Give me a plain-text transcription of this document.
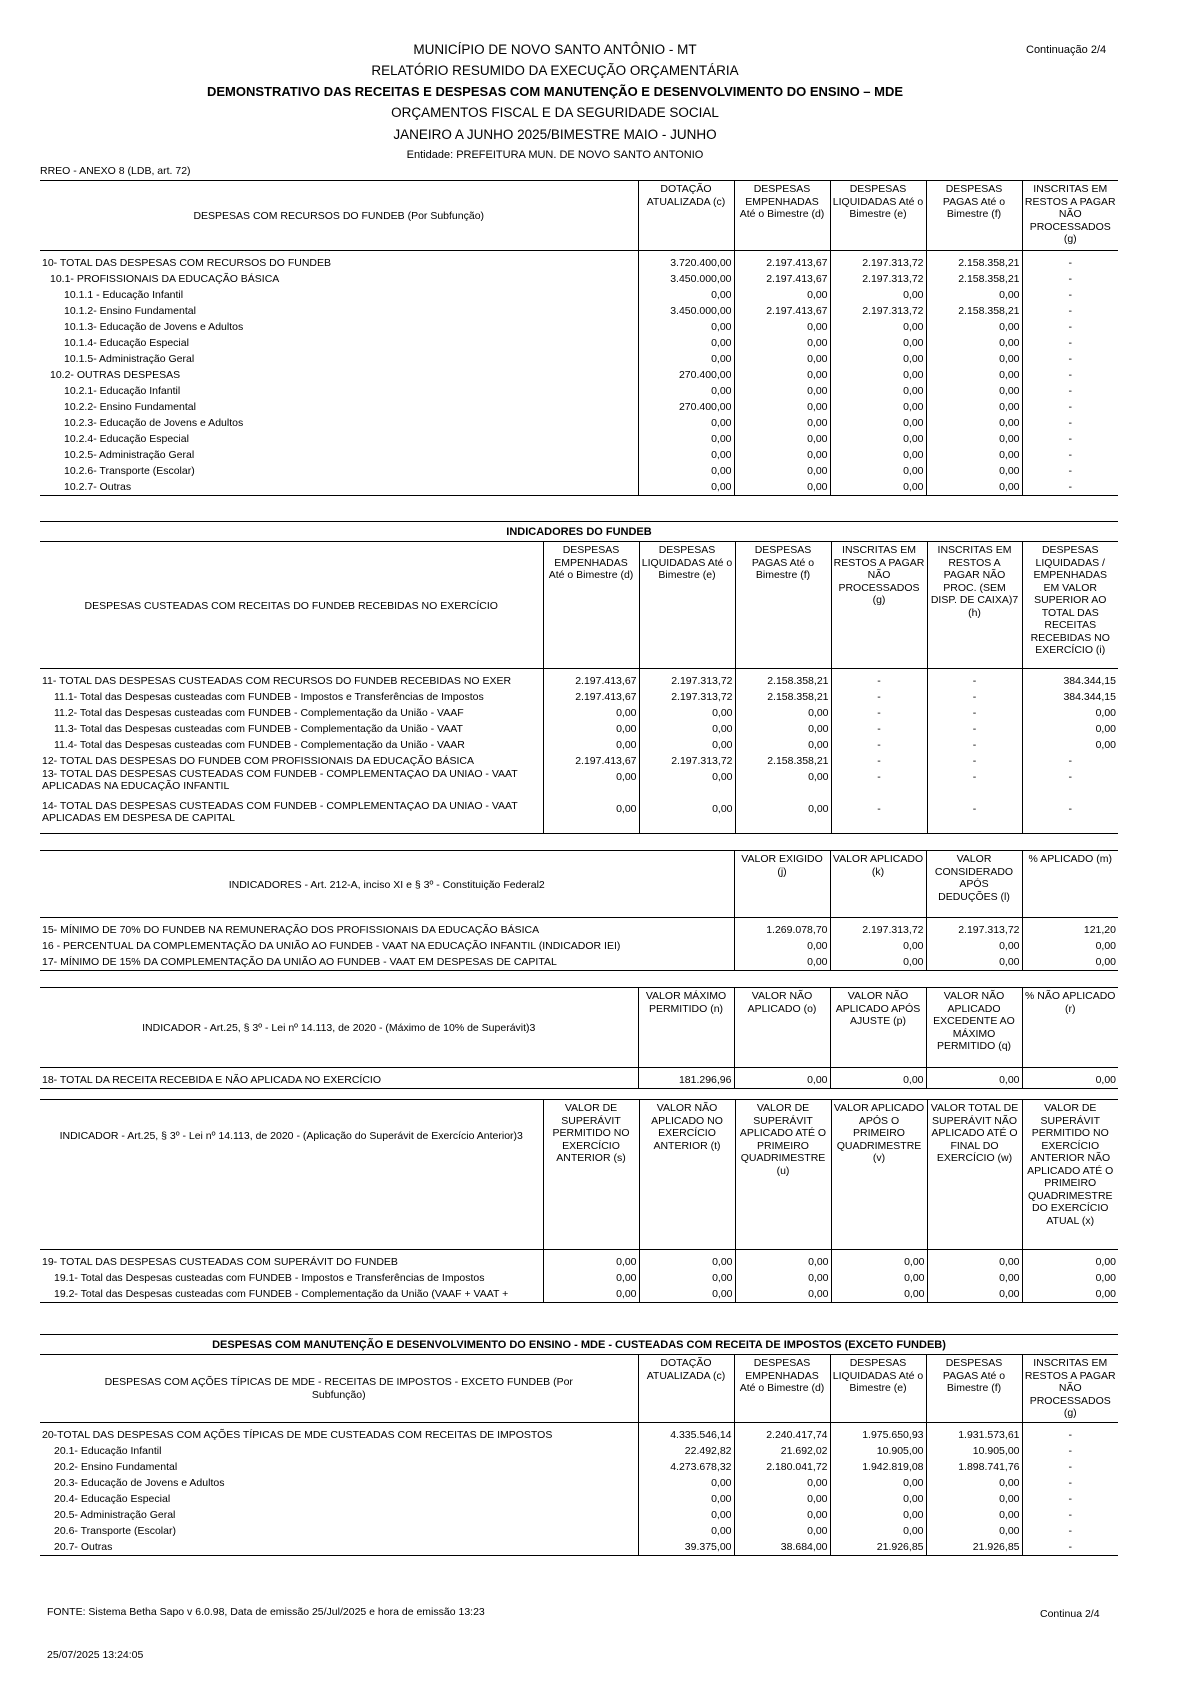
MUNICÍPIO DE NOVO SANTO ANTÔNIO - MT	Continuação 2/4
RELATÓRIO RESUMIDO DA EXECUÇÃO ORÇAMENTÁRIA
DEMONSTRATIVO DAS RECEITAS E DESPESAS COM MANUTENÇÃO E DESENVOLVIMENTO DO ENSINO – MDE
ORÇAMENTOS FISCAL E DA SEGURIDADE SOCIAL
JANEIRO A JUNHO 2025/BIMESTRE MAIO - JUNHO
Entidade: PREFEITURA MUN. DE NOVO SANTO ANTONIO
RREO - ANEXO 8 (LDB, art. 72)
DESPESAS COM RECURSOS DO FUNDEB (Por Subfunção)	DOTAÇÃO ATUALIZADA (c)	DESPESAS EMPENHADAS Até o Bimestre (d)	DESPESAS LIQUIDADAS Até o Bimestre (e)	DESPESAS PAGAS Até o Bimestre (f)	INSCRITAS EM RESTOS A PAGAR NÃO PROCESSADOS (g)
10- TOTAL DAS DESPESAS COM RECURSOS DO FUNDEB	3.720.400,00	2.197.413,67	2.197.313,72	2.158.358,21	-
10.1- PROFISSIONAIS DA EDUCAÇÃO BÁSICA	3.450.000,00	2.197.413,67	2.197.313,72	2.158.358,21	-
10.1.1 - Educação Infantil	0,00	0,00	0,00	0,00	-
10.1.2- Ensino Fundamental	3.450.000,00	2.197.413,67	2.197.313,72	2.158.358,21	-
10.1.3- Educação de Jovens e Adultos	0,00	0,00	0,00	0,00	-
10.1.4- Educação Especial	0,00	0,00	0,00	0,00	-
10.1.5- Administração Geral	0,00	0,00	0,00	0,00	-
10.2- OUTRAS DESPESAS	270.400,00	0,00	0,00	0,00	-
10.2.1- Educação Infantil	0,00	0,00	0,00	0,00	-
10.2.2- Ensino Fundamental	270.400,00	0,00	0,00	0,00	-
10.2.3- Educação de Jovens e Adultos	0,00	0,00	0,00	0,00	-
10.2.4- Educação Especial	0,00	0,00	0,00	0,00	-
10.2.5- Administração Geral	0,00	0,00	0,00	0,00	-
10.2.6- Transporte (Escolar)	0,00	0,00	0,00	0,00	-
10.2.7- Outras	0,00	0,00	0,00	0,00	-
INDICADORES DO FUNDEB
DESPESAS CUSTEADAS COM RECEITAS DO FUNDEB RECEBIDAS NO EXERCÍCIO	DESPESAS EMPENHADAS Até o Bimestre (d)	DESPESAS LIQUIDADAS Até o Bimestre (e)	DESPESAS PAGAS Até o Bimestre (f)	INSCRITAS EM RESTOS A PAGAR NÃO PROCESSADOS (g)	INSCRITAS EM RESTOS A PAGAR NÃO PROC. (SEM DISP. DE CAIXA)7 (h)	DESPESAS LIQUIDADAS / EMPENHADAS EM VALOR SUPERIOR AO TOTAL DAS RECEITAS RECEBIDAS NO EXERCÍCIO (i)
11- TOTAL DAS DESPESAS CUSTEADAS COM RECURSOS DO FUNDEB RECEBIDAS NO EXER	2.197.413,67	2.197.313,72	2.158.358,21	-	-	384.344,15
11.1- Total das Despesas custeadas com FUNDEB - Impostos e Transferências de Impostos	2.197.413,67	2.197.313,72	2.158.358,21	-	-	384.344,15
11.2- Total das Despesas custeadas com FUNDEB - Complementação da União - VAAF	0,00	0,00	0,00	-	-	0,00
11.3- Total das Despesas custeadas com FUNDEB - Complementação da União - VAAT	0,00	0,00	0,00	-	-	0,00
11.4- Total das Despesas custeadas com FUNDEB - Complementação da União - VAAR	0,00	0,00	0,00	-	-	0,00
12- TOTAL DAS DESPESAS DO FUNDEB COM PROFISSIONAIS DA EDUCAÇÃO BÁSICA	2.197.413,67	2.197.313,72	2.158.358,21	-	-	-
13- TOTAL DAS DESPESAS CUSTEADAS COM FUNDEB - COMPLEMENTAÇÃO DA UNIÃO - VAAT APLICADAS NA EDUCAÇÃO INFANTIL	0,00	0,00	0,00	-	-	-
14- TOTAL DAS DESPESAS CUSTEADAS COM FUNDEB - COMPLEMENTAÇÃO DA UNIÃO - VAAT APLICADAS EM DESPESA DE CAPITAL	0,00	0,00	0,00	-	-	-
INDICADORES - Art. 212-A, inciso XI e § 3º - Constituição Federal2	VALOR EXIGIDO (j)	VALOR APLICADO (k)	VALOR CONSIDERADO APÓS DEDUÇÕES (l)	% APLICADO (m)
15- MÍNIMO DE 70% DO FUNDEB NA REMUNERAÇÃO DOS PROFISSIONAIS DA EDUCAÇÃO BÁSICA	1.269.078,70	2.197.313,72	2.197.313,72	121,20
16 - PERCENTUAL DA COMPLEMENTAÇÃO DA UNIÃO AO FUNDEB - VAAT NA EDUCAÇÃO INFANTIL (INDICADOR IEI)	0,00	0,00	0,00	0,00
17- MÍNIMO DE 15% DA COMPLEMENTAÇÃO DA UNIÃO AO FUNDEB - VAAT EM DESPESAS DE CAPITAL	0,00	0,00	0,00	0,00
INDICADOR - Art.25, § 3º - Lei nº 14.113, de 2020 - (Máximo de 10% de Superávit)3	VALOR MÁXIMO PERMITIDO (n)	VALOR NÃO APLICADO (o)	VALOR NÃO APLICADO APÓS AJUSTE (p)	VALOR NÃO APLICADO EXCEDENTE AO MÁXIMO PERMITIDO (q)	% NÃO APLICADO (r)
18- TOTAL DA RECEITA RECEBIDA E NÃO APLICADA NO EXERCÍCIO	181.296,96	0,00	0,00	0,00	0,00
INDICADOR - Art.25, § 3º - Lei nº 14.113, de 2020 - (Aplicação do Superávit de Exercício Anterior)3	VALOR DE SUPERÁVIT PERMITIDO NO EXERCÍCIO ANTERIOR (s)	VALOR NÃO APLICADO NO EXERCÍCIO ANTERIOR (t)	VALOR DE SUPERÁVIT APLICADO ATÉ O PRIMEIRO QUADRIMESTRE (u)	VALOR APLICADO APÓS O PRIMEIRO QUADRIMESTRE (v)	VALOR TOTAL DE SUPERÁVIT NÃO APLICADO ATÉ O FINAL DO EXERCÍCIO (w)	VALOR DE SUPERÁVIT PERMITIDO NO EXERCÍCIO ANTERIOR NÃO APLICADO ATÉ O PRIMEIRO QUADRIMESTRE DO EXERCÍCIO ATUAL (x)
19- TOTAL DAS DESPESAS CUSTEADAS COM SUPERÁVIT DO FUNDEB	0,00	0,00	0,00	0,00	0,00	0,00
19.1- Total das Despesas custeadas com FUNDEB - Impostos e Transferências de Impostos	0,00	0,00	0,00	0,00	0,00	0,00
19.2- Total das Despesas custeadas com FUNDEB - Complementação da União (VAAF + VAAT +	0,00	0,00	0,00	0,00	0,00	0,00
DESPESAS COM MANUTENÇÃO E DESENVOLVIMENTO DO ENSINO - MDE - CUSTEADAS COM RECEITA DE IMPOSTOS (EXCETO FUNDEB)
DESPESAS COM AÇÕES TÍPICAS DE MDE - RECEITAS DE IMPOSTOS - EXCETO FUNDEB (Por Subfunção)	DOTAÇÃO ATUALIZADA (c)	DESPESAS EMPENHADAS Até o Bimestre (d)	DESPESAS LIQUIDADAS Até o Bimestre (e)	DESPESAS PAGAS Até o Bimestre (f)	INSCRITAS EM RESTOS A PAGAR NÃO PROCESSADOS (g)
20-TOTAL DAS DESPESAS COM AÇÕES TÍPICAS DE MDE CUSTEADAS COM RECEITAS DE IMPOSTOS	4.335.546,14	2.240.417,74	1.975.650,93	1.931.573,61	-
20.1- Educação Infantil	22.492,82	21.692,02	10.905,00	10.905,00	-
20.2- Ensino Fundamental	4.273.678,32	2.180.041,72	1.942.819,08	1.898.741,76	-
20.3- Educação de Jovens e Adultos	0,00	0,00	0,00	0,00	-
20.4- Educação Especial	0,00	0,00	0,00	0,00	-
20.5- Administração Geral	0,00	0,00	0,00	0,00	-
20.6- Transporte (Escolar)	0,00	0,00	0,00	0,00	-
20.7- Outras	39.375,00	38.684,00	21.926,85	21.926,85	-
FONTE: Sistema Betha Sapo v 6.0.98, Data de emissão 25/Jul/2025 e hora de emissão 13:23	Continua 2/4
25/07/2025 13:24:05
